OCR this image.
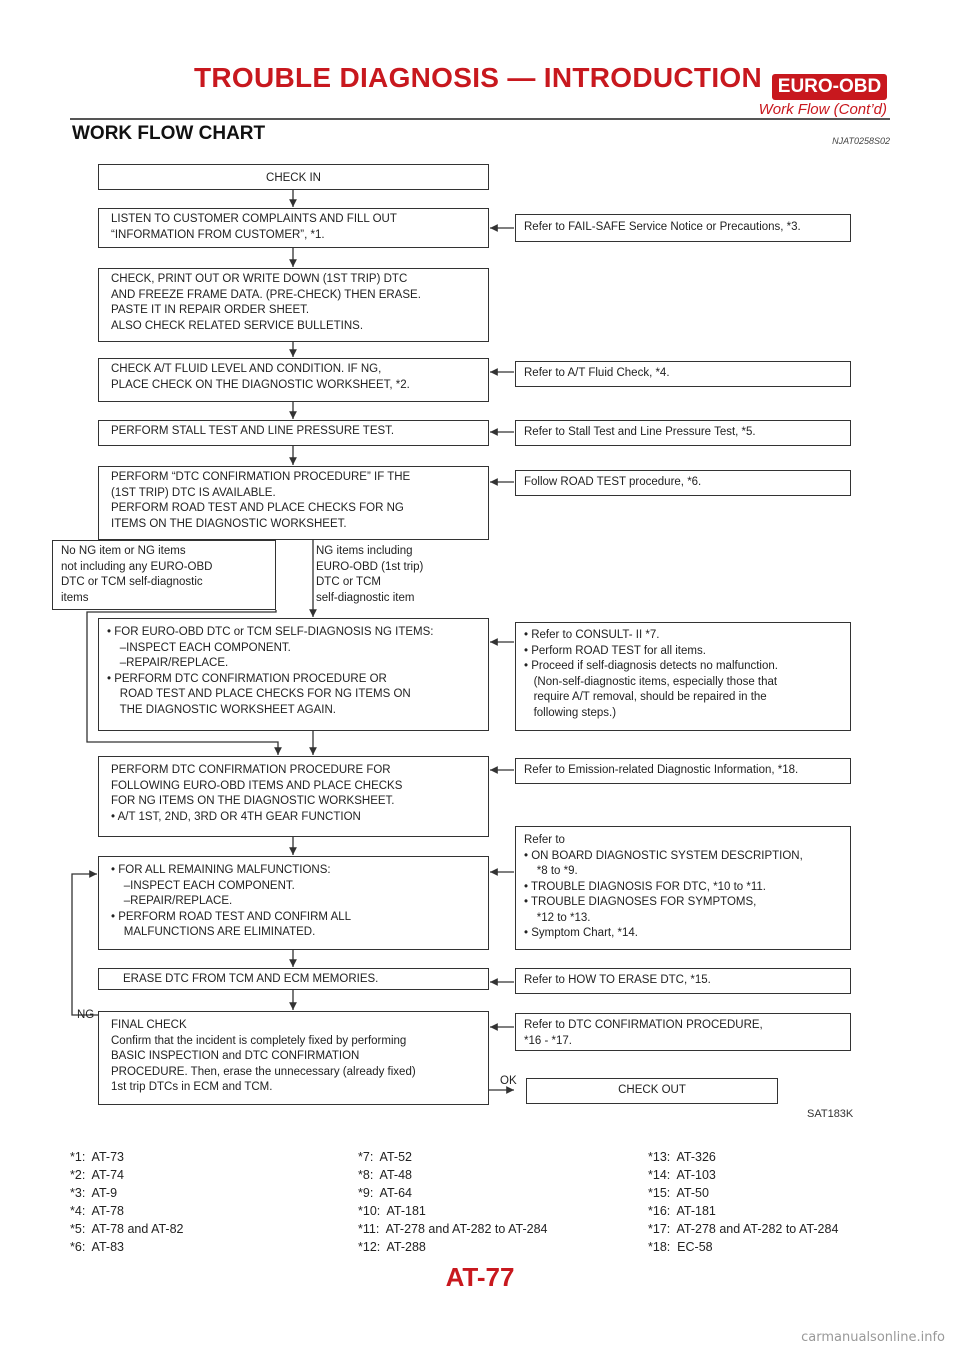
TROUBLE DIAGNOSIS — INTRODUCTION EURO-OBD
Work Flow (Cont’d)
WORK FLOW CHART	NJAT0258S02
CHECK IN
LISTEN TO CUSTOMER COMPLAINTS AND FILL OUT
“INFORMATION FROM CUSTOMER”, *1.
CHECK, PRINT OUT OR WRITE DOWN (1ST TRIP) DTC
AND FREEZE FRAME DATA. (PRE-CHECK) THEN ERASE.
PASTE IT IN REPAIR ORDER SHEET.
ALSO CHECK RELATED SERVICE BULLETINS.
CHECK A/T FLUID LEVEL AND CONDITION. IF NG,
PLACE CHECK ON THE DIAGNOSTIC WORKSHEET, *2.
PERFORM STALL TEST AND LINE PRESSURE TEST.
PERFORM “DTC CONFIRMATION PROCEDURE” IF THE
(1ST TRIP) DTC IS AVAILABLE.
PERFORM ROAD TEST AND PLACE CHECKS FOR NG
ITEMS ON THE DIAGNOSTIC WORKSHEET.
No NG item or NG items
not including any EURO-OBD
DTC or TCM self-diagnostic
items
NG items including
EURO-OBD (1st trip)
DTC or TCM
self-diagnostic item
• FOR EURO-OBD DTC or TCM SELF-DIAGNOSIS NG ITEMS:
–INSPECT EACH COMPONENT.
–REPAIR/REPLACE.
• PERFORM DTC CONFIRMATION PROCEDURE OR
ROAD TEST AND PLACE CHECKS FOR NG ITEMS ON
THE DIAGNOSTIC WORKSHEET AGAIN.
PERFORM DTC CONFIRMATION PROCEDURE FOR
FOLLOWING EURO-OBD ITEMS AND PLACE CHECKS
FOR NG ITEMS ON THE DIAGNOSTIC WORKSHEET.
• A/T 1ST, 2ND, 3RD OR 4TH GEAR FUNCTION
• FOR ALL REMAINING MALFUNCTIONS:
–INSPECT EACH COMPONENT.
–REPAIR/REPLACE.
• PERFORM ROAD TEST AND CONFIRM ALL
MALFUNCTIONS ARE ELIMINATED.
ERASE DTC FROM TCM AND ECM MEMORIES.
FINAL CHECK
Confirm that the incident is completely fixed by performing
BASIC INSPECTION and DTC CONFIRMATION
PROCEDURE. Then, erase the unnecessary (already fixed)
1st trip DTCs in ECM and TCM.	CHECK OUT
NG
OK
Refer to FAIL-SAFE Service Notice or Precautions, *3.
Refer to A/T Fluid Check, *4.
Refer to Stall Test and Line Pressure Test, *5.
Follow ROAD TEST procedure, *6.
• Refer to CONSULT- II *7.
• Perform ROAD TEST for all items.
• Proceed if self-diagnosis detects no malfunction.
(Non-self-diagnostic items, especially those that
require A/T removal, should be repaired in the
following steps.)
Refer to Emission-related Diagnostic Information, *18.
Refer to
• ON BOARD DIAGNOSTIC SYSTEM DESCRIPTION,
*8 to *9.
• TROUBLE DIAGNOSIS FOR DTC, *10 to *11.
• TROUBLE DIAGNOSES FOR SYMPTOMS,
*12 to *13.
• Symptom Chart, *14.
Refer to HOW TO ERASE DTC, *15.
Refer to DTC CONFIRMATION PROCEDURE,
*16 - *17.
SAT183K
*1:  AT-73
*2:  AT-74
*3:  AT-9
*4:  AT-78
*5:  AT-78 and AT-82
*6:  AT-83
*7:  AT-52
*8:  AT-48
*9:  AT-64
*10:  AT-181
*11:  AT-278 and AT-282 to AT-284
*12:  AT-288
*13:  AT-326
*14:  AT-103
*15:  AT-50
*16:  AT-181
*17:  AT-278 and AT-282 to AT-284
*18:  EC-58
AT-77
carmanualsonline.info
